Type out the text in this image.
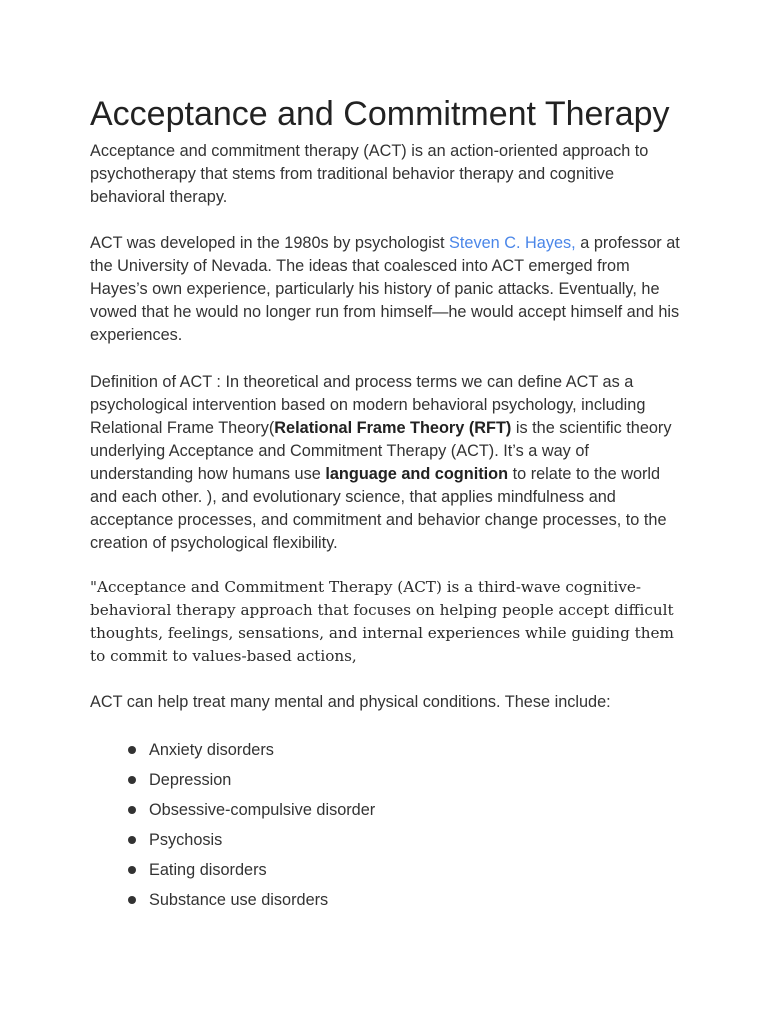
Acceptance and Commitment Therapy

Acceptance and commitment therapy (ACT) is an action-oriented approach to psychotherapy that stems from traditional behavior therapy and cognitive behavioral therapy.

ACT was developed in the 1980s by psychologist Steven C. Hayes, a professor at the University of Nevada. The ideas that coalesced into ACT emerged from Hayes’s own experience, particularly his history of panic attacks. Eventually, he vowed that he would no longer run from himself—he would accept himself and his experiences.

Definition of ACT : In theoretical and process terms we can define ACT as a psychological intervention based on modern behavioral psychology, including Relational Frame Theory(Relational Frame Theory (RFT) is the scientific theory underlying Acceptance and Commitment Therapy (ACT). It’s a way of understanding how humans use language and cognition to relate to the world and each other. ), and evolutionary science, that applies mindfulness and acceptance processes, and commitment and behavior change processes, to the creation of psychological flexibility.

"Acceptance and Commitment Therapy (ACT) is a third-wave cognitive-behavioral therapy approach that focuses on helping people accept difficult thoughts, feelings, sensations, and internal experiences while guiding them to commit to values-based actions,

ACT can help treat many mental and physical conditions. These include:

Anxiety disorders
Depression
Obsessive-compulsive disorder
Psychosis
Eating disorders
Substance use disorders
